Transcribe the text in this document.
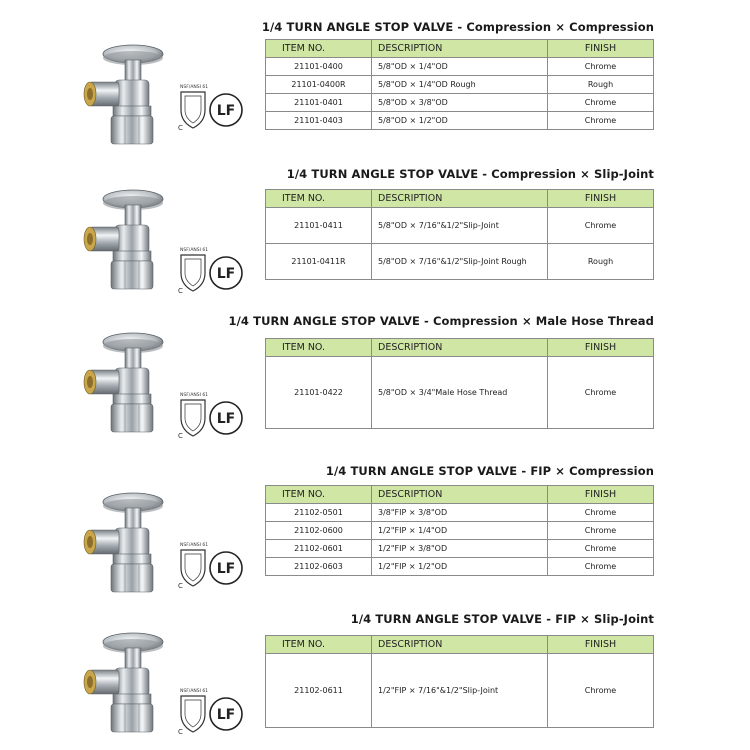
1/4 TURN ANGLE STOP VALVE - Compression × Compression
C
LF
ITEM NO.	DESCRIPTION	FINISH
21101-0400	5/8"OD × 1/4"OD	Chrome
21101-0400R	5/8"OD × 1/4"OD Rough	Rough
21101-0401	5/8"OD × 3/8"OD	Chrome
21101-0403	5/8"OD × 1/2"OD	Chrome
1/4 TURN ANGLE STOP VALVE - Compression × Slip-Joint
C
LF
ITEM NO.	DESCRIPTION	FINISH
21101-0411	5/8"OD × 7/16"&1/2"Slip-Joint	Chrome
21101-0411R	5/8"OD × 7/16"&1/2"Slip-Joint Rough	Rough
1/4 TURN ANGLE STOP VALVE - Compression × Male Hose Thread
C
LF
ITEM NO.	DESCRIPTION	FINISH
21101-0422	5/8"OD × 3/4"Male Hose Thread	Chrome
1/4 TURN ANGLE STOP VALVE - FIP × Compression
C
LF
ITEM NO.	DESCRIPTION	FINISH
21102-0501	3/8"FIP × 3/8"OD	Chrome
21102-0600	1/2"FIP × 1/4"OD	Chrome
21102-0601	1/2"FIP × 3/8"OD	Chrome
21102-0603	1/2"FIP × 1/2"OD	Chrome
1/4 TURN ANGLE STOP VALVE - FIP × Slip-Joint
C
LF
ITEM NO.	DESCRIPTION	FINISH
21102-0611	1/2"FIP × 7/16"&1/2"Slip-Joint	Chrome
